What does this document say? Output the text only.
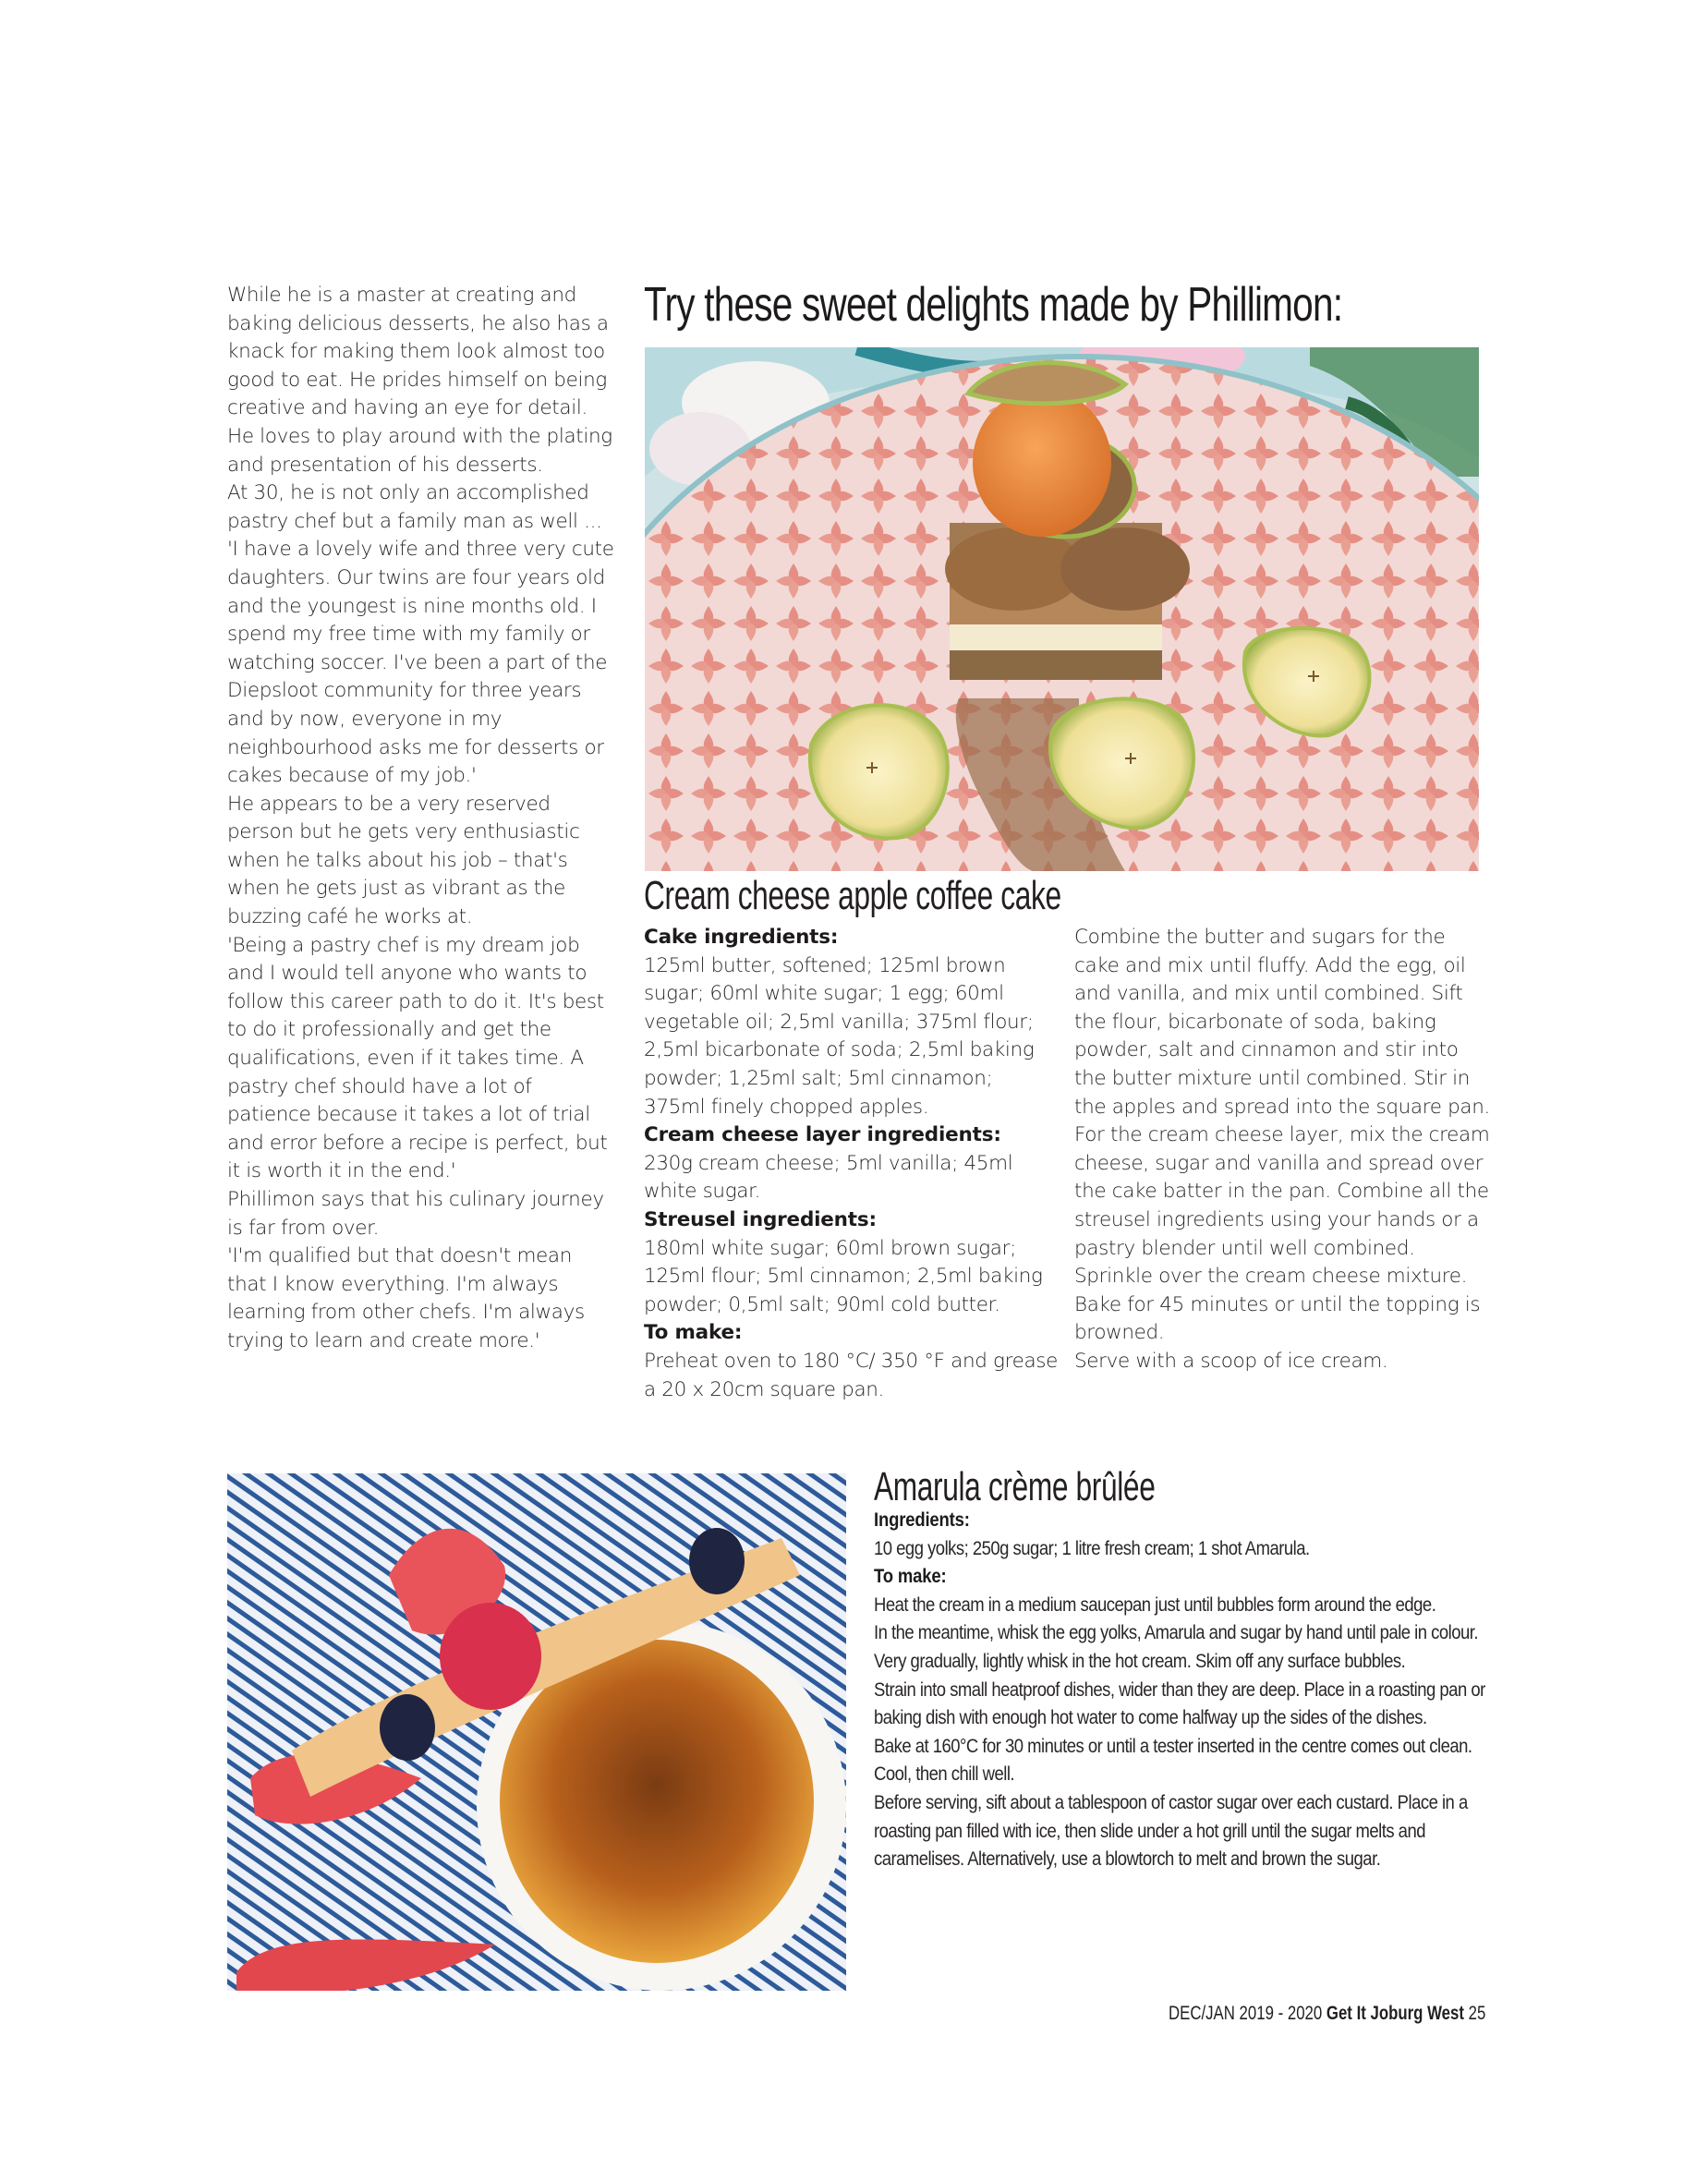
While he is a master at creating and baking delicious desserts, he also has a knack for making them look almost too good to eat. He prides himself on being creative and having an eye for detail. He loves to play around with the plating and presentation of his desserts.

At 30, he is not only an accomplished pastry chef but a family man as well ...

'I have a lovely wife and three very cute daughters. Our twins are four years old and the youngest is nine months old. I spend my free time with my family or watching soccer. I've been a part of the Diepsloot community for three years and by now, everyone in my neighbourhood asks me for desserts or cakes because of my job.'

He appears to be a very reserved person but he gets very enthusiastic when he talks about his job – that's when he gets just as vibrant as the buzzing café he works at.

'Being a pastry chef is my dream job and I would tell anyone who wants to follow this career path to do it. It's best to do it professionally and get the qualifications, even if it takes time. A pastry chef should have a lot of patience because it takes a lot of trial and error before a recipe is perfect, but it is worth it in the end.'

Phillimon says that his culinary journey is far from over.

'I'm qualified but that doesn't mean that I know everything. I'm always learning from other chefs. I'm always trying to learn and create more.'

Try these sweet delights made by Phillimon:
Cream cheese apple coffee cake

Cake ingredients:

125ml butter, softened; 125ml brown sugar; 60ml white sugar; 1 egg; 60ml vegetable oil; 2,5ml vanilla; 375ml flour; 2,5ml bicarbonate of soda; 2,5ml baking powder; 1,25ml salt; 5ml cinnamon; 375ml finely chopped apples.

Cream cheese layer ingredients:

230g cream cheese; 5ml vanilla; 45ml white sugar.

Streusel ingredients:

180ml white sugar; 60ml brown sugar; 125ml flour; 5ml cinnamon; 2,5ml baking powder; 0,5ml salt; 90ml cold butter.

To make:

Preheat oven to 180 °C/ 350 °F and grease a 20 x 20cm square pan.

Combine the butter and sugars for the cake and mix until fluffy. Add the egg, oil and vanilla, and mix until combined. Sift the flour, bicarbonate of soda, baking powder, salt and cinnamon and stir into the butter mixture until combined. Stir in the apples and spread into the square pan.

For the cream cheese layer, mix the cream cheese, sugar and vanilla and spread over the cake batter in the pan. Combine all the streusel ingredients using your hands or a pastry blender until well combined. Sprinkle over the cream cheese mixture.

Bake for 45 minutes or until the topping is browned.

Serve with a scoop of ice cream.

Amarula crème brûlée

Ingredients:

10 egg yolks; 250g sugar; 1 litre fresh cream; 1 shot Amarula.

To make:

Heat the cream in a medium saucepan just until bubbles form around the edge.

In the meantime, whisk the egg yolks, Amarula and sugar by hand until pale in colour. Very gradually, lightly whisk in the hot cream. Skim off any surface bubbles.

Strain into small heatproof dishes, wider than they are deep. Place in a roasting pan or baking dish with enough hot water to come halfway up the sides of the dishes.

Bake at 160°C for 30 minutes or until a tester inserted in the centre comes out clean. Cool, then chill well.

Before serving, sift about a tablespoon of castor sugar over each custard. Place in a roasting pan filled with ice, then slide under a hot grill until the sugar melts and caramelises. Alternatively, use a blowtorch to melt and brown the sugar.

DEC/JAN 2019 - 2020 Get It Joburg West 25
